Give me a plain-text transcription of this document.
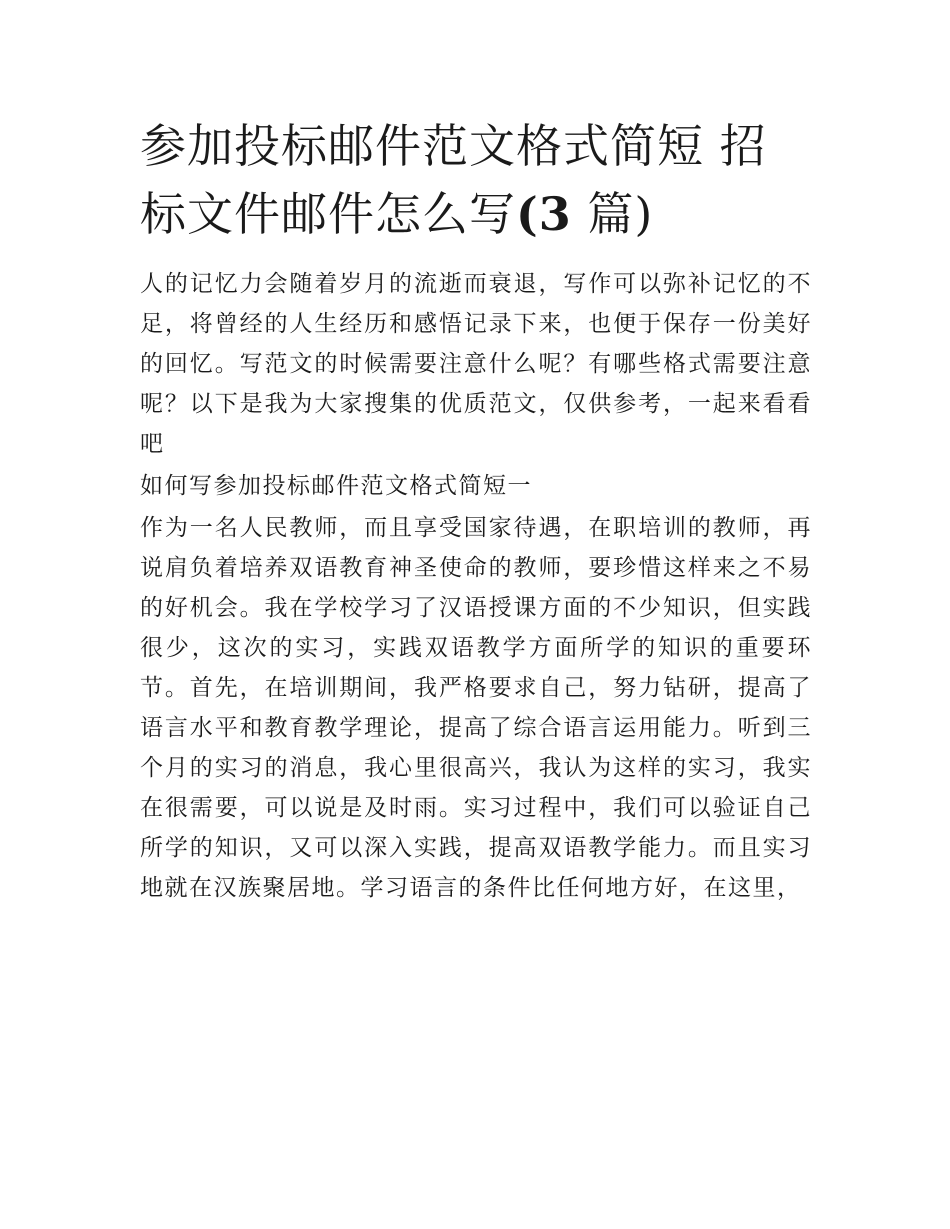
参加投标邮件范文格式简短 招标文件邮件怎么写(3 篇)

人的记忆力会随着岁月的流逝而衰退，写作可以弥补记忆的不足，将曾经的人生经历和感悟记录下来，也便于保存一份美好的回忆。写范文的时候需要注意什么呢？有哪些格式需要注意呢？以下是我为大家搜集的优质范文，仅供参考，一起来看看吧

如何写参加投标邮件范文格式简短一

作为一名人民教师，而且享受国家待遇，在职培训的教师，再说肩负着培养双语教育神圣使命的教师，要珍惜这样来之不易的好机会。我在学校学习了汉语授课方面的不少知识，但实践很少，这次的实习，实践双语教学方面所学的知识的重要环节。首先，在培训期间，我严格要求自己，努力钻研，提高了语言水平和教育教学理论，提高了综合语言运用能力。听到三个月的实习的消息，我心里很高兴，我认为这样的实习，我实在很需要，可以说是及时雨。实习过程中，我们可以验证自己所学的知识，又可以深入实践，提高双语教学能力。而且实习地就在汉族聚居地。学习语言的条件比任何地方好，在这里，
